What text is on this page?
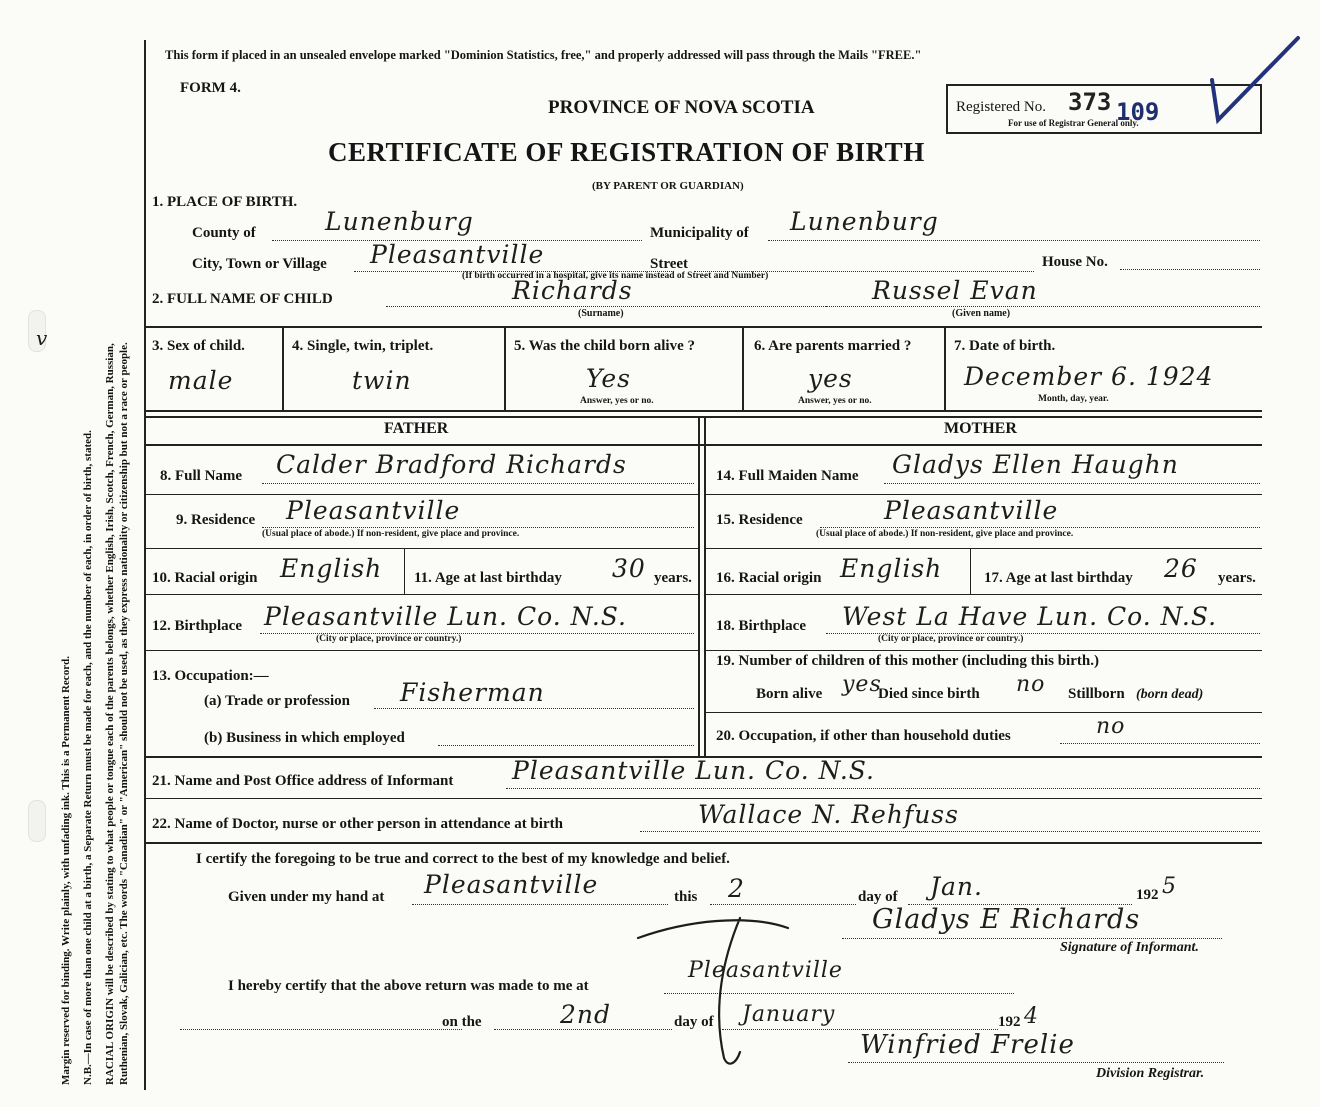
Margin reserved for binding. Write plainly, with unfading ink. This is a Permanent Record. N.B.—In case of more than one child at a birth, a Separate Return must be made for each, and the number of each, in order of birth, stated. RACIAL ORIGIN will be described by stating to what people or tongue each of the parents belongs, whether English, Irish, Scotch, French, German, Russian, Ruthenian, Slovak, Galician, etc. The words "Canadian" or "American" should not be used, as they express nationality or citizenship but not a race or people.
v
This form if placed in an unsealed envelope marked "Dominion Statistics, free," and properly addressed will pass through the Mails "FREE."
FORM 4.
PROVINCE OF NOVA SCOTIA
CERTIFICATE OF REGISTRATION OF BIRTH
(BY PARENT OR GUARDIAN)
Registered No. 373 109
For use of Registrar General only.
1. PLACE OF BIRTH.
County of	Lunenburg	Municipality of Lunenburg
City, Town or Village Pleasantville	Street	House No.
(If birth occurred in a hospital, give its name instead of Street and Number)
2. FULL NAME OF CHILD	Richards	Russel Evan
(Surname)	(Given name)
3. Sex of child.
male
4. Single, twin, triplet.
twin
5. Was the child born alive ?
Yes
Answer, yes or no.
6. Are parents married ?
yes
Answer, yes or no.
7. Date of birth.
December 6. 1924
Month, day, year.
FATHER	MOTHER
8. Full Name Calder Bradford Richards
9. Residence Pleasantville
(Usual place of abode.) If non-resident, give place and province.
10. Racial origin English 11. Age at last birthday 30 years.
12. Birthplace Pleasantville Lun. Co. N.S.
(City or place, province or country.)
13. Occupation:—
(a) Trade or profession Fisherman
(b) Business in which employed
14. Full Maiden Name Gladys Ellen Haughn
15. Residence	Pleasantville
(Usual place of abode.) If non-resident, give place and province.
16. Racial origin English	17. Age at last birthday 26 years.
18. Birthplace West La Have Lun. Co. N.S.
(City or place, province or country.)
19. Number of children of this mother (including this birth.)
Born alive yes
Died since birth no Stillborn (born dead)
20. Occupation, if other than household duties	no
21. Name and Post Office address of Informant Pleasantville Lun. Co. N.S.
22. Name of Doctor, nurse or other person in attendance at birth	Wallace N. Rehfuss
I certify the foregoing to be true and correct to the best of my knowledge and belief.
Given under my hand at Pleasantville	this 2	day of Jan.	192 5
Gladys E Richards
Signature of Informant.
I hereby certify that the above return was made to me at
Pleasantville
on the	2nd	day of January	192 4
Winfried Frelie
Division Registrar.
